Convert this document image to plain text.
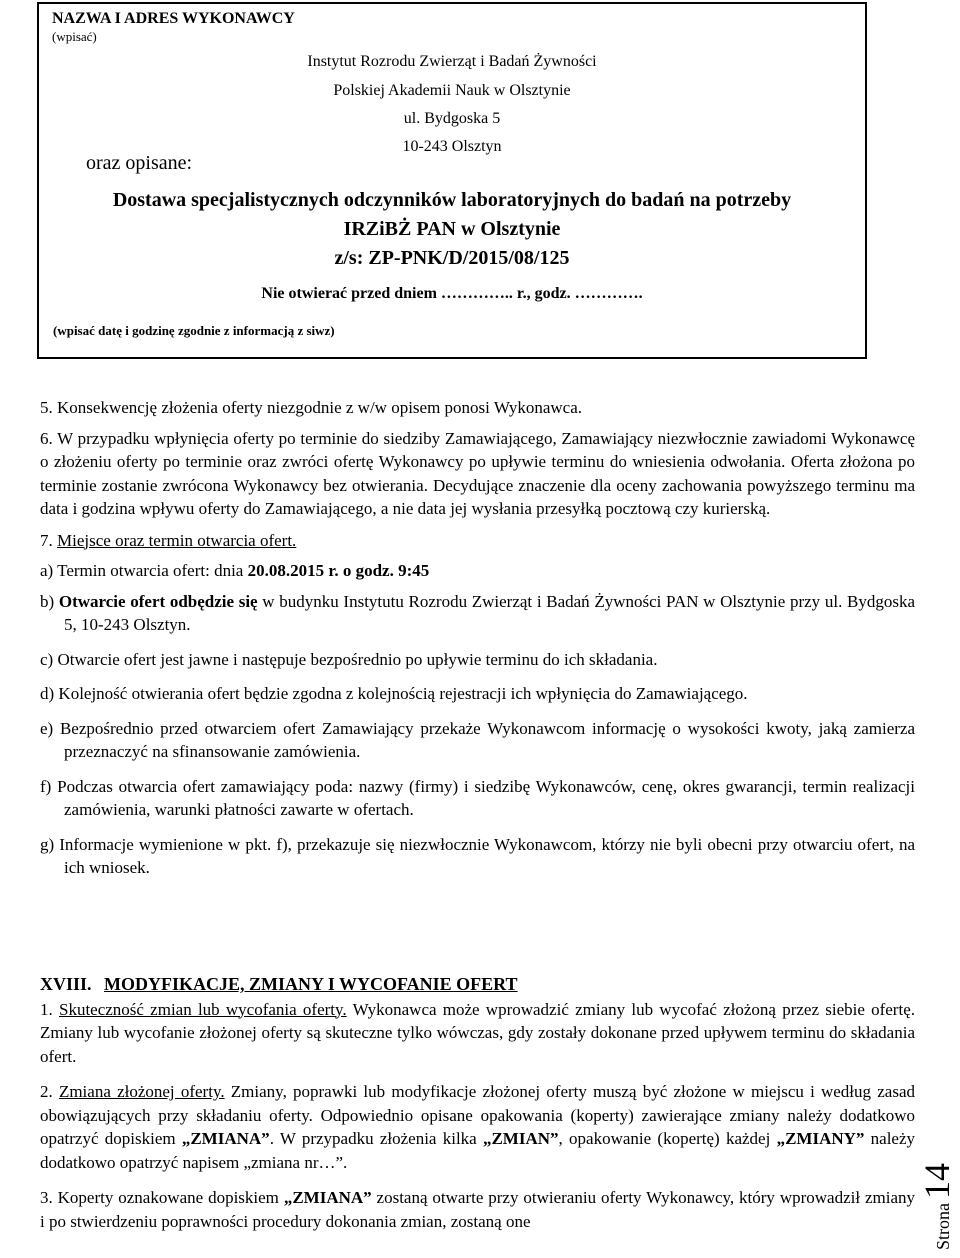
NAZWA I ADRES WYKONAWCY
(wpisać)
Instytut Rozrodu Zwierząt i Badań Żywności
Polskiej Akademii Nauk w Olsztynie
ul. Bydgoska 5
10-243 Olsztyn
oraz opisane:
Dostawa specjalistycznych odczynników laboratoryjnych do badań na potrzeby
IRZiBŻ PAN w Olsztynie
z/s: ZP-PNK/D/2015/08/125
Nie otwierać przed dniem ………….. r., godz. ………….
(wpisać datę i godzinę zgodnie z informacją z siwz)

5. Konsekwencję złożenia oferty niezgodnie z w/w opisem ponosi Wykonawca.

6. W przypadku wpłynięcia oferty po terminie do siedziby Zamawiającego, Zamawiający niezwłocznie zawiadomi Wykonawcę o złożeniu oferty po terminie oraz zwróci ofertę Wykonawcy po upływie terminu do wniesienia odwołania. Oferta złożona po terminie zostanie zwrócona Wykonawcy bez otwierania. Decydujące znaczenie dla oceny zachowania powyższego terminu ma data i godzina wpływu oferty do Zamawiającego, a nie data jej wysłania przesyłką pocztową czy kurierską.

7. Miejsce oraz termin otwarcia ofert.

a) Termin otwarcia ofert: dnia 20.08.2015 r. o godz. 9:45

b) Otwarcie ofert odbędzie się w budynku Instytutu Rozrodu Zwierząt i Badań Żywności PAN w Olsztynie przy ul. Bydgoska 5, 10-243 Olsztyn.

c) Otwarcie ofert jest jawne i następuje bezpośrednio po upływie terminu do ich składania.

d) Kolejność otwierania ofert będzie zgodna z kolejnością rejestracji ich wpłynięcia do Zamawiającego.

e) Bezpośrednio przed otwarciem ofert Zamawiający przekaże Wykonawcom informację o wysokości kwoty, jaką zamierza przeznaczyć na sfinansowanie zamówienia.

f) Podczas otwarcia ofert zamawiający poda: nazwy (firmy) i siedzibę Wykonawców, cenę, okres gwarancji, termin realizacji zamówienia, warunki płatności zawarte w ofertach.

g) Informacje wymienione w pkt. f), przekazuje się niezwłocznie Wykonawcom, którzy nie byli obecni przy otwarciu ofert, na ich wniosek.

XVIII. MODYFIKACJE, ZMIANY I WYCOFANIE OFERT

1. Skuteczność zmian lub wycofania oferty. Wykonawca może wprowadzić zmiany lub wycofać złożoną przez siebie ofertę. Zmiany lub wycofanie złożonej oferty są skuteczne tylko wówczas, gdy zostały dokonane przed upływem terminu do składania ofert.

2. Zmiana złożonej oferty. Zmiany, poprawki lub modyfikacje złożonej oferty muszą być złożone w miejscu i według zasad obowiązujących przy składaniu oferty. Odpowiednio opisane opakowania (koperty) zawierające zmiany należy dodatkowo opatrzyć dopiskiem „ZMIANA”. W przypadku złożenia kilka „ZMIAN”, opakowanie (kopertę) każdej „ZMIANY” należy dodatkowo opatrzyć napisem „zmiana nr…”.

3. Koperty oznakowane dopiskiem „ZMIANA” zostaną otwarte przy otwieraniu oferty Wykonawcy, który wprowadził zmiany i po stwierdzeniu poprawności procedury dokonania zmian, zostaną one	Strona 14
